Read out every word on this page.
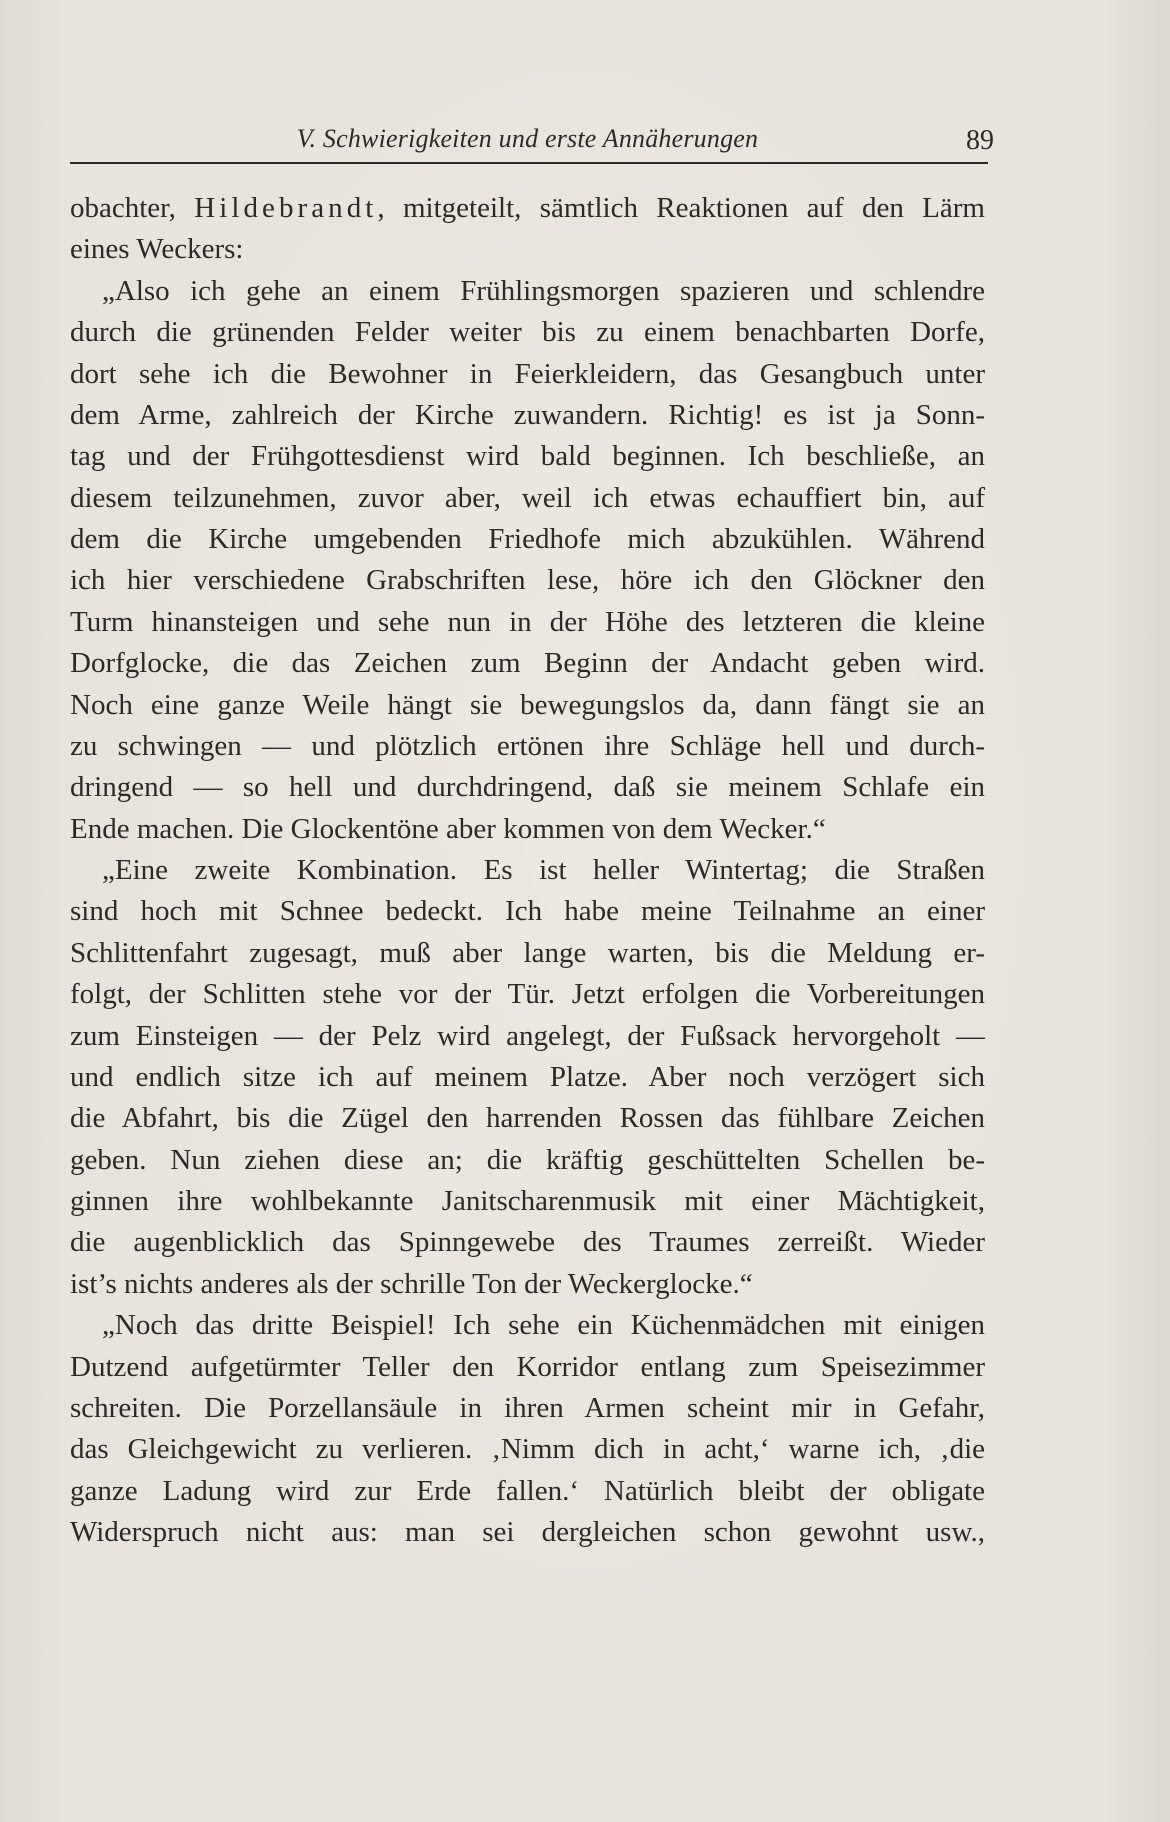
V. Schwierigkeiten und erste Annäherungen	89
obachter, Hildebrandt, mitgeteilt, sämtlich Reaktionen auf den Lärm
eines Weckers:
„Also ich gehe an einem Frühlingsmorgen spazieren und schlendre
durch die grünenden Felder weiter bis zu einem benachbarten Dorfe,
dort sehe ich die Bewohner in Feierkleidern, das Gesangbuch unter
dem Arme, zahlreich der Kirche zuwandern. Richtig! es ist ja Sonn-
tag und der Frühgottesdienst wird bald beginnen. Ich beschließe, an
diesem teilzunehmen, zuvor aber, weil ich etwas echauffiert bin, auf
dem die Kirche umgebenden Friedhofe mich abzukühlen. Während
ich hier verschiedene Grabschriften lese, höre ich den Glöckner den
Turm hinansteigen und sehe nun in der Höhe des letzteren die kleine
Dorfglocke, die das Zeichen zum Beginn der Andacht geben wird.
Noch eine ganze Weile hängt sie bewegungslos da, dann fängt sie an
zu schwingen — und plötzlich ertönen ihre Schläge hell und durch-
dringend — so hell und durchdringend, daß sie meinem Schlafe ein
Ende machen. Die Glockentöne aber kommen von dem Wecker.“
„Eine zweite Kombination. Es ist heller Wintertag; die Straßen
sind hoch mit Schnee bedeckt. Ich habe meine Teilnahme an einer
Schlittenfahrt zugesagt, muß aber lange warten, bis die Meldung er-
folgt, der Schlitten stehe vor der Tür. Jetzt erfolgen die Vorbereitungen
zum Einsteigen — der Pelz wird angelegt, der Fußsack hervorgeholt —
und endlich sitze ich auf meinem Platze. Aber noch verzögert sich
die Abfahrt, bis die Zügel den harrenden Rossen das fühlbare Zeichen
geben. Nun ziehen diese an; die kräftig geschüttelten Schellen be-
ginnen ihre wohlbekannte Janitscharenmusik mit einer Mächtigkeit,
die augenblicklich das Spinngewebe des Traumes zerreißt. Wieder
ist’s nichts anderes als der schrille Ton der Weckerglocke.“
„Noch das dritte Beispiel! Ich sehe ein Küchenmädchen mit einigen
Dutzend aufgetürmter Teller den Korridor entlang zum Speisezimmer
schreiten. Die Porzellansäule in ihren Armen scheint mir in Gefahr,
das Gleichgewicht zu verlieren. ‚Nimm dich in acht,‘ warne ich, ‚die
ganze Ladung wird zur Erde fallen.‘ Natürlich bleibt der obligate
Widerspruch nicht aus: man sei dergleichen schon gewohnt usw.,
